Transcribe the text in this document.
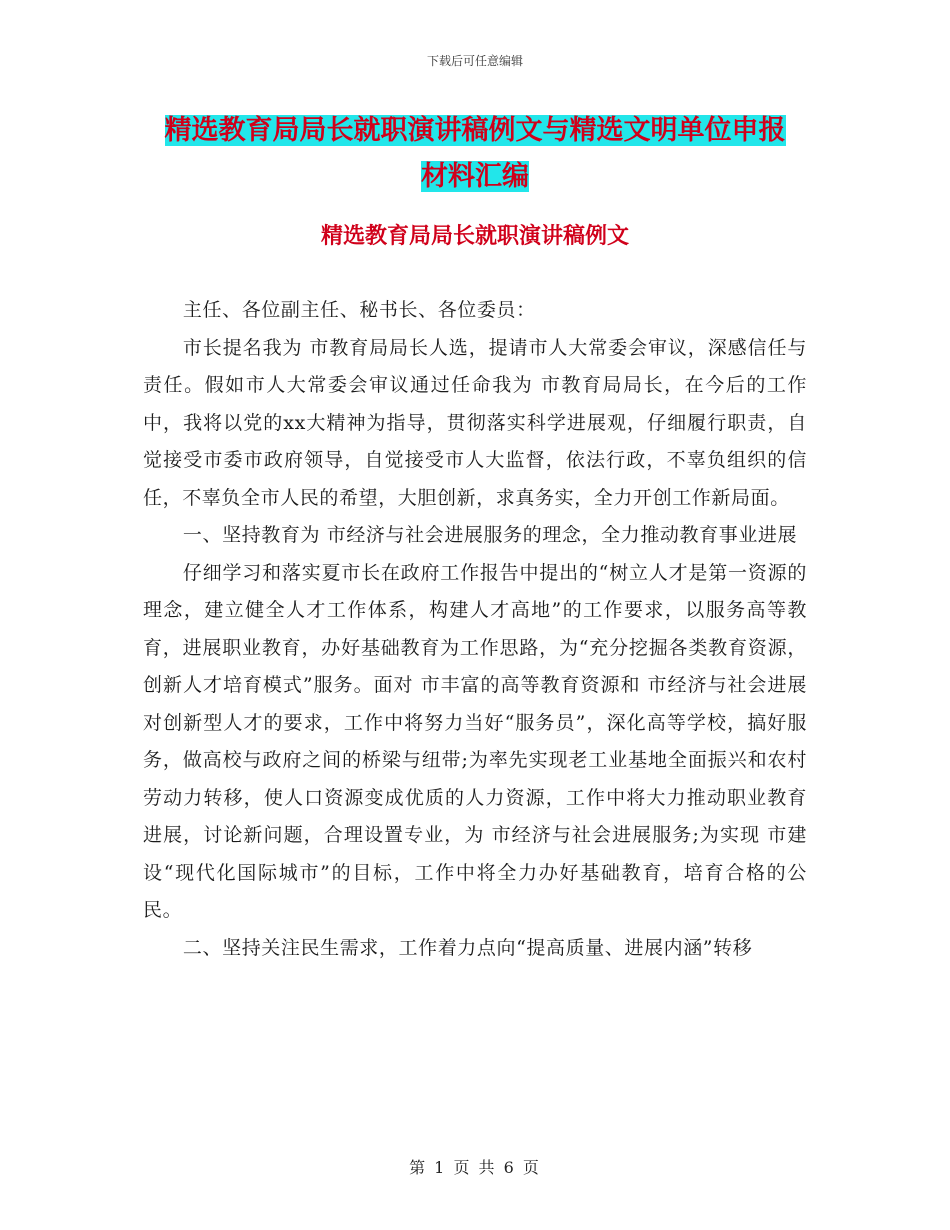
下载后可任意编辑
精选教育局局长就职演讲稿例文与精选文明单位申报
材料汇编
精选教育局局长就职演讲稿例文

主任、各位副主任、秘书长、各位委员：

市长提名我为 市教育局局长人选，提请市人大常委会审议，深感信任与责任。假如市人大常委会审议通过任命我为 市教育局局长，在今后的工作中，我将以党的xx大精神为指导，贯彻落实科学进展观，仔细履行职责，自觉接受市委市政府领导，自觉接受市人大监督，依法行政，不辜负组织的信任，不辜负全市人民的希望，大胆创新，求真务实，全力开创工作新局面。

一、坚持教育为 市经济与社会进展服务的理念，全力推动教育事业进展

仔细学习和落实夏市长在政府工作报告中提出的“树立人才是第一资源的理念，建立健全人才工作体系，构建人才高地”的工作要求，以服务高等教育，进展职业教育，办好基础教育为工作思路，为“充分挖掘各类教育资源，创新人才培育模式”服务。面对 市丰富的高等教育资源和 市经济与社会进展对创新型人才的要求，工作中将努力当好“服务员”，深化高等学校，搞好服务，做高校与政府之间的桥梁与纽带;为率先实现老工业基地全面振兴和农村劳动力转移，使人口资源变成优质的人力资源，工作中将大力推动职业教育进展，讨论新问题，合理设置专业，为 市经济与社会进展服务;为实现 市建设“现代化国际城市”的目标，工作中将全力办好基础教育，培育合格的公民。

二、坚持关注民生需求，工作着力点向“提高质量、进展内涵”转移

第 1 页 共 6 页
